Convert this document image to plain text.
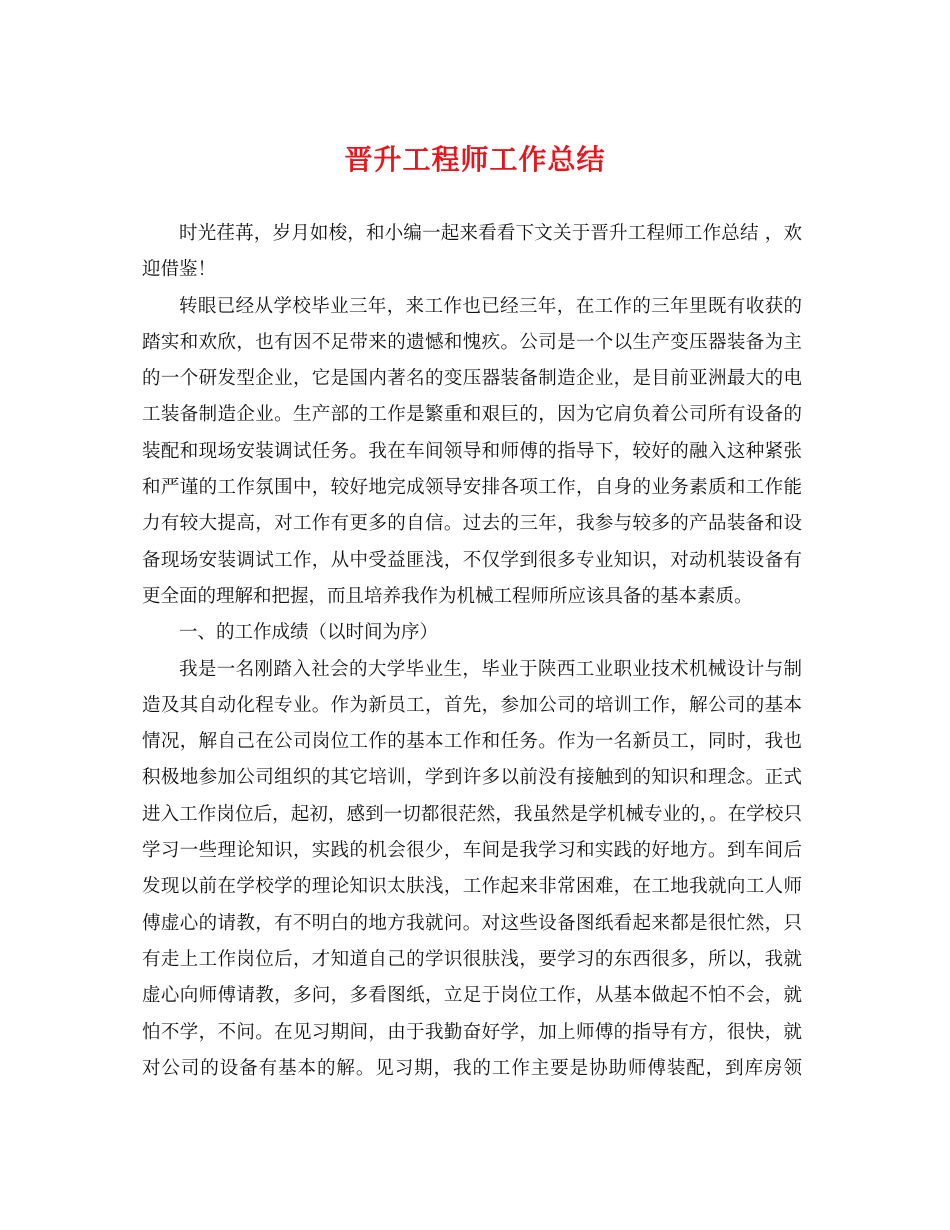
晋升工程师工作总结

时光荏苒，岁月如梭，和小编一起来看看下文关于晋升工程师工作总结 ，欢迎借鉴！

转眼已经从学校毕业三年，来工作也已经三年，在工作的三年里既有收获的踏实和欢欣，也有因不足带来的遗憾和愧疚。公司是一个以生产变压器装备为主的一个研发型企业，它是国内著名的变压器装备制造企业，是目前亚洲最大的电工装备制造企业。生产部的工作是繁重和艰巨的，因为它肩负着公司所有设备的装配和现场安装调试任务。我在车间领导和师傅的指导下，较好的融入这种紧张和严谨的工作氛围中，较好地完成领导安排各项工作，自身的业务素质和工作能力有较大提高，对工作有更多的自信。过去的三年，我参与较多的产品装备和设备现场安装调试工作，从中受益匪浅，不仅学到很多专业知识，对动机装设备有更全面的理解和把握，而且培养我作为机械工程师所应该具备的基本素质。

一、的工作成绩（以时间为序）

我是一名刚踏入社会的大学毕业生，毕业于陕西工业职业技术机械设计与制造及其自动化程专业。作为新员工，首先，参加公司的培训工作，解公司的基本情况，解自己在公司岗位工作的基本工作和任务。作为一名新员工，同时，我也积极地参加公司组织的其它培训，学到许多以前没有接触到的知识和理念。正式进入工作岗位后，起初，感到一切都很茫然，我虽然是学机械专业的，。在学校只学习一些理论知识，实践的机会很少，车间是我学习和实践的好地方。到车间后发现以前在学校学的理论知识太肤浅，工作起来非常困难，在工地我就向工人师傅虚心的请教，有不明白的地方我就问。对这些设备图纸看起来都是很忙然，只有走上工作岗位后，才知道自己的学识很肤浅，要学习的东西很多，所以，我就虚心向师傅请教，多问，多看图纸，立足于岗位工作，从基本做起不怕不会，就怕不学，不问。在见习期间，由于我勤奋好学，加上师傅的指导有方，很快，就对公司的设备有基本的解。见习期，我的工作主要是协助师傅装配，到库房领
